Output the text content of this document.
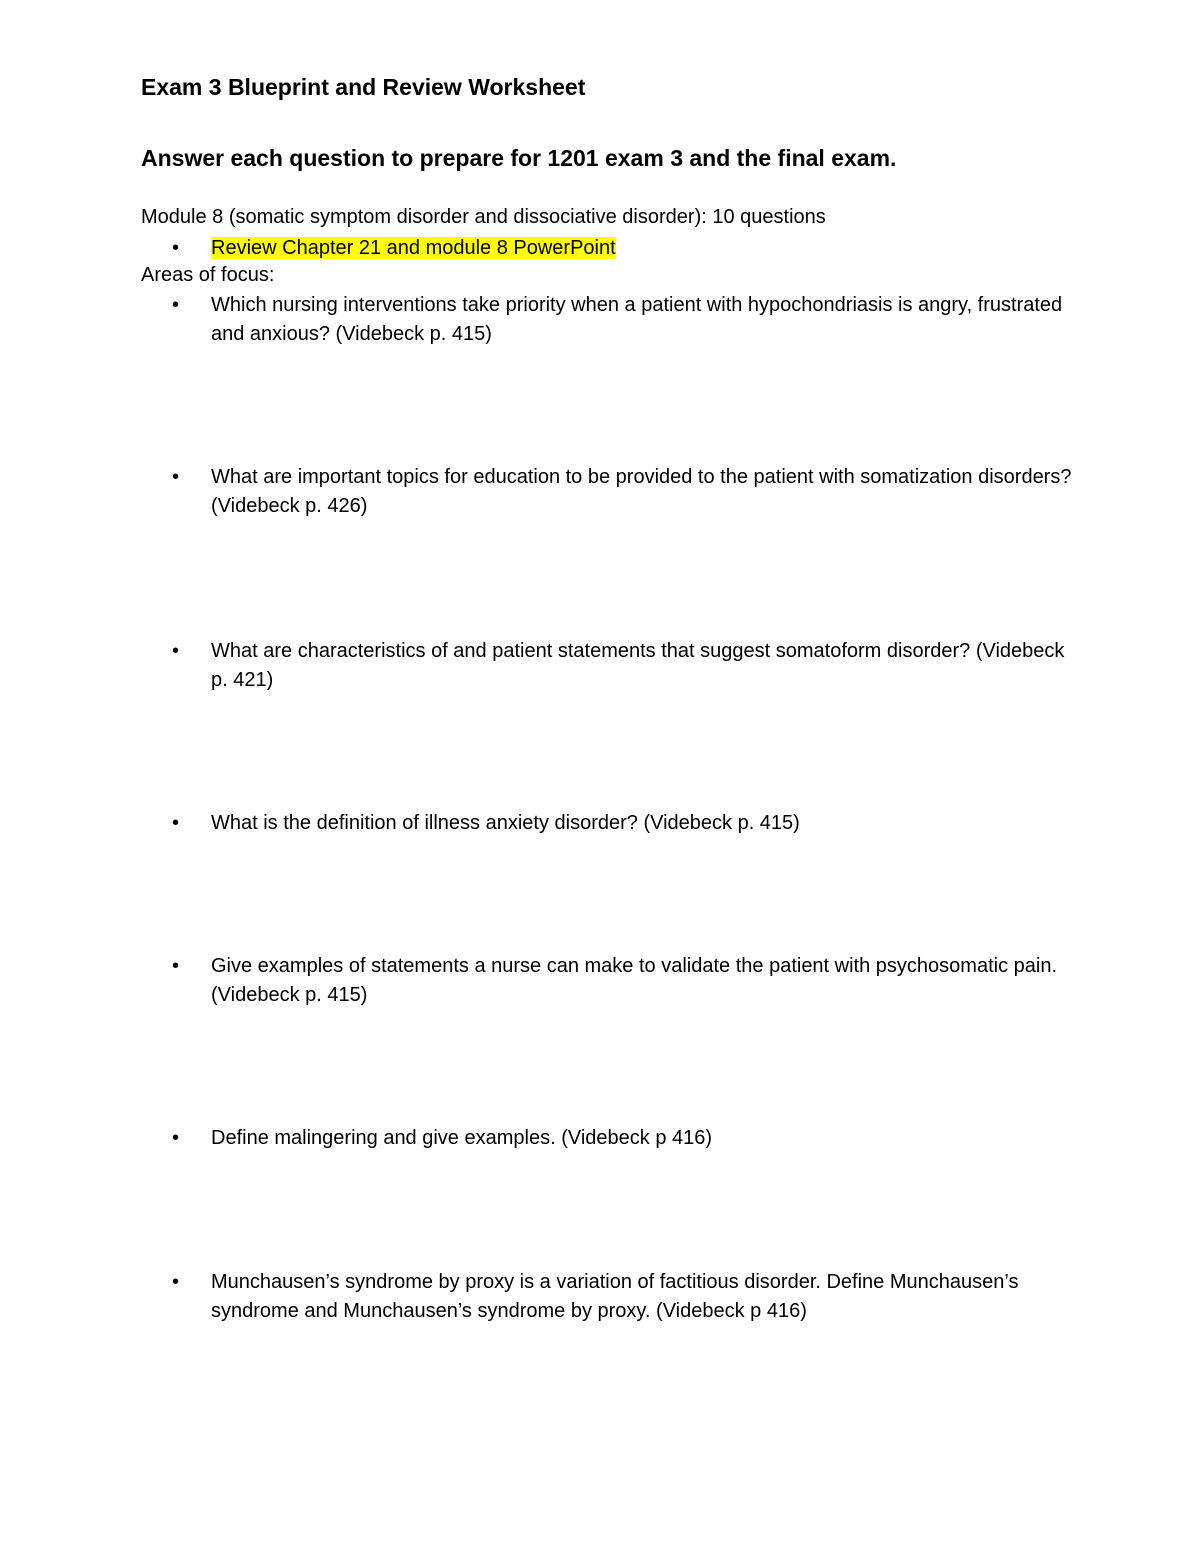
Exam 3 Blueprint and Review Worksheet
Answer each question to prepare for 1201 exam 3 and the final exam.
Module 8 (somatic symptom disorder and dissociative disorder): 10 questions
•	Review Chapter 21 and module 8 PowerPoint
Areas of focus:
•	Which nursing interventions take priority when a patient with hypochondriasis is angry, frustrated and anxious? (Videbeck p. 415)
•	What are important topics for education to be provided to the patient with somatization disorders? (Videbeck p. 426)
•	What are characteristics of and patient statements that suggest somatoform disorder? (Videbeck p. 421)
•	What is the definition of illness anxiety disorder? (Videbeck p. 415)
•	Give examples of statements a nurse can make to validate the patient with psychosomatic pain. (Videbeck p. 415)
•	Define malingering and give examples. (Videbeck p 416)
•	Munchausen’s syndrome by proxy is a variation of factitious disorder. Define Munchausen’s syndrome and Munchausen’s syndrome by proxy. (Videbeck p 416)
